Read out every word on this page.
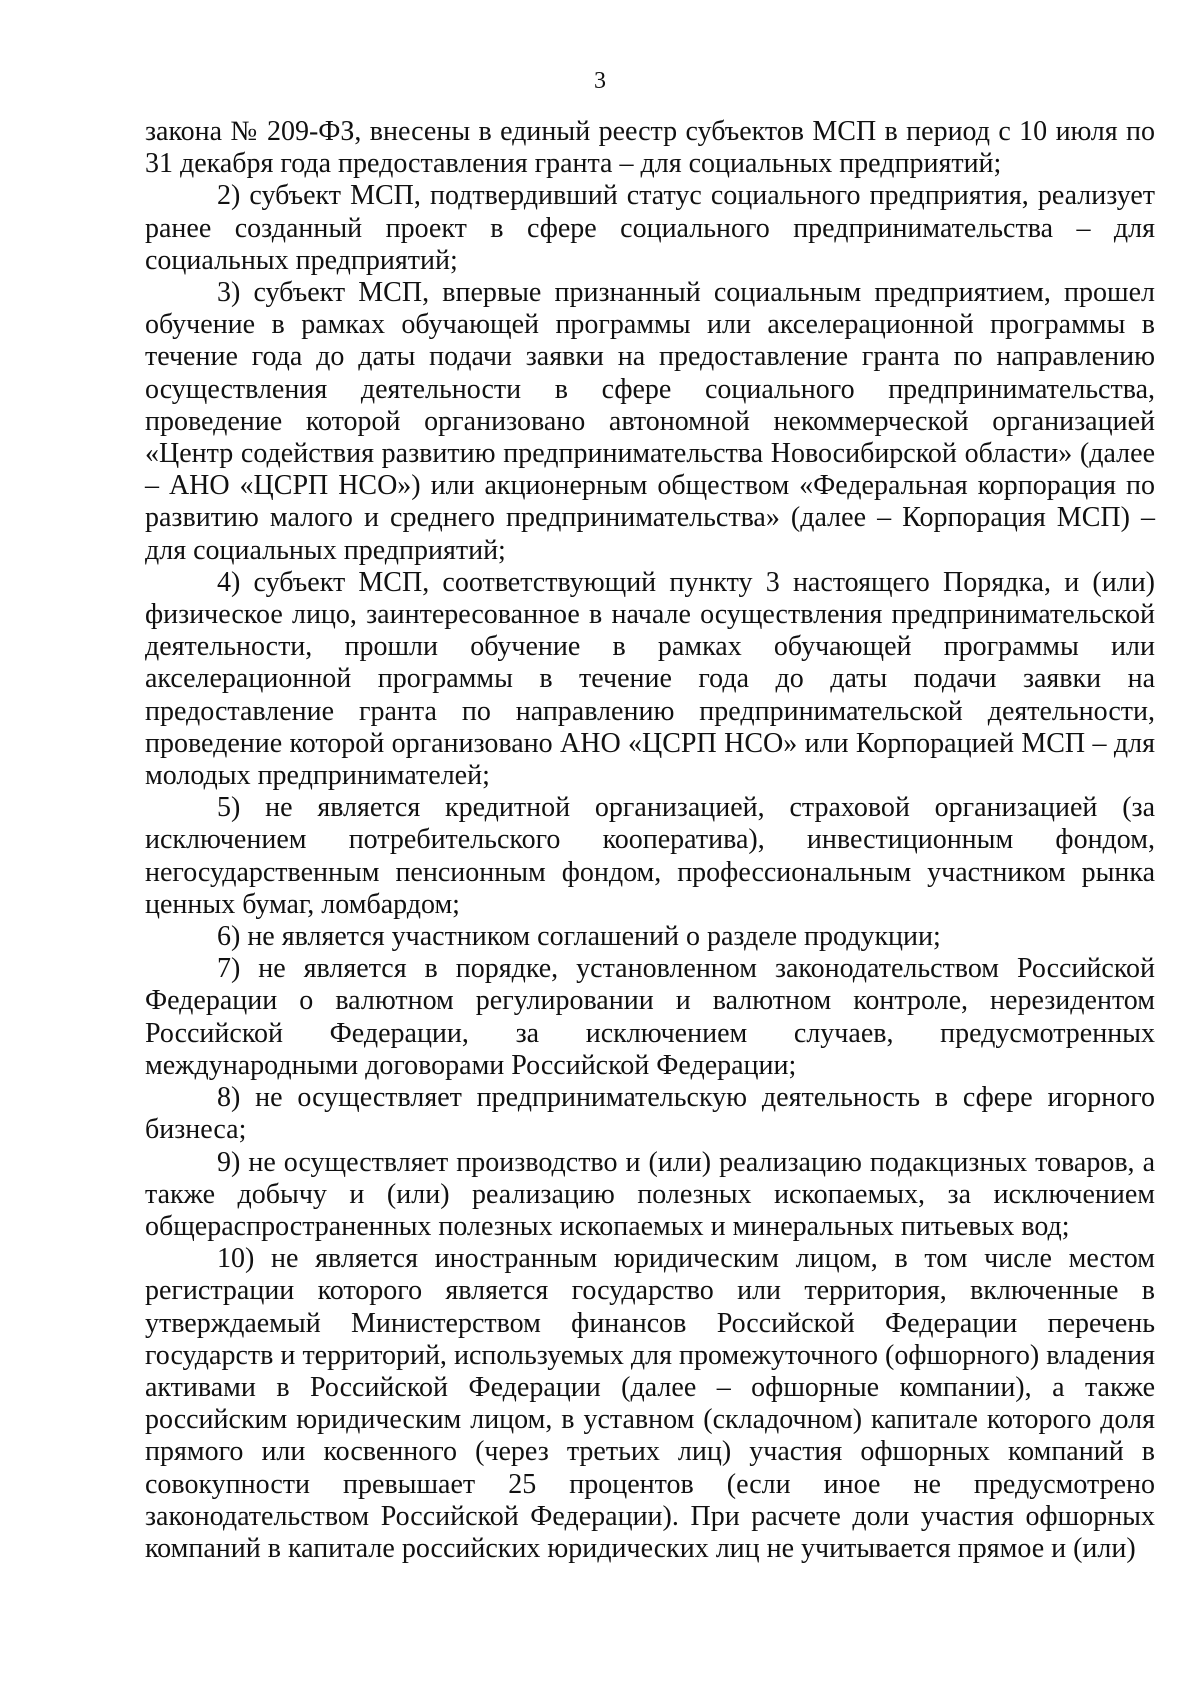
3

закона № 209-ФЗ, внесены в единый реестр субъектов МСП в период с 10 июля по 31 декабря года предоставления гранта – для социальных предприятий;

2) субъект МСП, подтвердивший статус социального предприятия, реализует ранее созданный проект в сфере социального предпринимательства – для социальных предприятий;

3) субъект МСП, впервые признанный социальным предприятием, прошел обучение в рамках обучающей программы или акселерационной программы в течение года до даты подачи заявки на предоставление гранта по направлению осуществления деятельности в сфере социального предпринимательства, проведение которой организовано автономной некоммерческой организацией «Центр содействия развитию предпринимательства Новосибирской области» (далее – АНО «ЦСРП НСО») или акционерным обществом «Федеральная корпорация по развитию малого и среднего предпринимательства» (далее – Корпорация МСП) – для социальных предприятий;

4) субъект МСП, соответствующий пункту 3 настоящего Порядка, и (или) физическое лицо, заинтересованное в начале осуществления предпринимательской деятельности, прошли обучение в рамках обучающей программы или акселерационной программы в течение года до даты подачи заявки на предоставление гранта по направлению предпринимательской деятельности, проведение которой организовано АНО «ЦСРП НСО» или Корпорацией МСП – для молодых предпринимателей;

5) не является кредитной организацией, страховой организацией (за исключением потребительского кооператива), инвестиционным фондом, негосударственным пенсионным фондом, профессиональным участником рынка ценных бумаг, ломбардом;

6) не является участником соглашений о разделе продукции;

7) не является в порядке, установленном законодательством Российской Федерации о валютном регулировании и валютном контроле, нерезидентом Российской Федерации, за исключением случаев, предусмотренных международными договорами Российской Федерации;

8) не осуществляет предпринимательскую деятельность в сфере игорного бизнеса;

9) не осуществляет производство и (или) реализацию подакцизных товаров, а также добычу и (или) реализацию полезных ископаемых, за исключением общераспространенных полезных ископаемых и минеральных питьевых вод;

10) не является иностранным юридическим лицом, в том числе местом регистрации которого является государство или территория, включенные в утверждаемый Министерством финансов Российской Федерации перечень государств и территорий, используемых для промежуточного (офшорного) владения активами в Российской Федерации (далее – офшорные компании), а также российским юридическим лицом, в уставном (складочном) капитале которого доля прямого или косвенного (через третьих лиц) участия офшорных компаний в совокупности превышает 25 процентов (если иное не предусмотрено законодательством Российской Федерации). При расчете доли участия офшорных компаний в капитале российских юридических лиц не учитывается прямое и (или)
